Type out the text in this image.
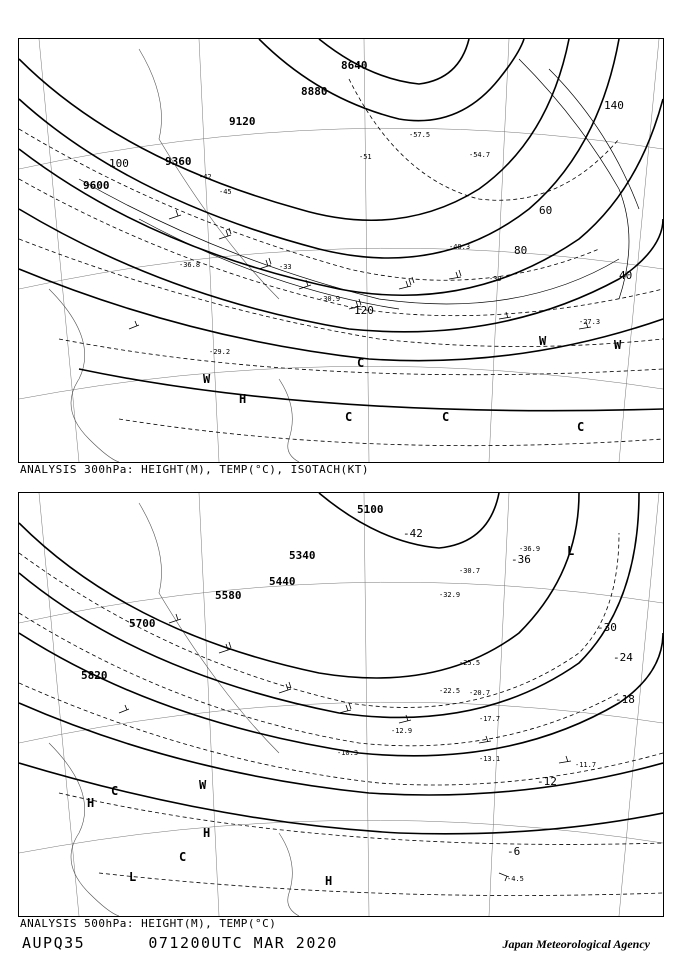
8640
8880
9120
9360
9600
40
60
80
100
120
140
-57.5
-54.7
-51
-48.3
-45
-42
-39
-36.8	-33
-30.9
-29.2
-27.3
H
W
C
C	C
C
W	W
ANALYSIS 300hPa: HEIGHT(M), TEMP(°C), ISOTACH(KT)
5100
5340
5440
5580
5700
5820
-42
-36
-30
-24
-18
-12
-6
-36.9
-32.9
-30.7
-25.5
-22.5 -20.7
-17.7
-13.1
-11.7
-12.9
-10.3
-4.5
L
H
C
H
C
H
L
W
ANALYSIS 500hPa: HEIGHT(M), TEMP(°C)
AUPQ35	071200UTC MAR 2020	Japan Meteorological Agency
